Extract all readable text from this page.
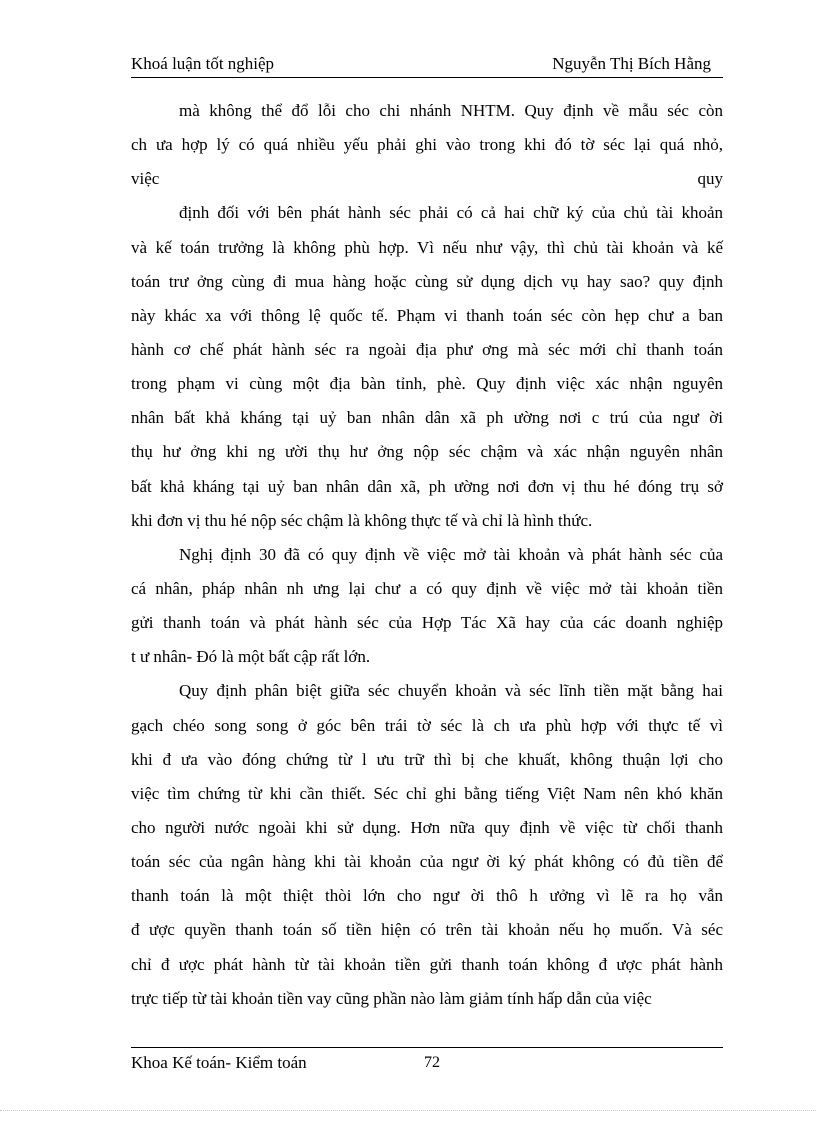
Khoá luận tốt nghiệp	Nguyễn Thị Bích Hằng
mà không thể đổ lỗi cho chi nhánh NHTM. Quy định về mẫu séc còn
ch ưa hợp lý có quá nhiều yếu phải ghi vào trong khi đó tờ séc lại quá nhỏ,
việc	quy
định đối với bên phát hành séc phải có cả hai chữ ký của chủ tài khoản
và kế toán trưởng là không phù hợp. Vì nếu như vậy, thì chủ tài khoản và kế
toán trư ởng cùng đi mua hàng hoặc cùng sử dụng dịch vụ hay sao? quy định
này khác xa với thông lệ quốc tế. Phạm vi thanh toán séc còn hẹp chư a ban
hành cơ chế phát hành séc ra ngoài địa phư ơng mà séc mới chỉ thanh toán
trong phạm vi cùng một địa bàn tỉnh, phè. Quy định việc xác nhận nguyên
nhân bất khả kháng tại uỷ ban nhân dân xã ph ường nơi c trú của ngư ời
thụ hư ởng khi ng ười thụ hư ởng nộp séc chậm và xác nhận nguyên nhân
bất khả kháng tại uỷ ban nhân dân xã, ph ường nơi đơn vị thu hé đóng trụ sở
khi đơn vị thu hé nộp séc chậm là không thực tế và chỉ là hình thức.
Nghị định 30 đã có quy định về việc mở tài khoản và phát hành séc của
cá nhân, pháp nhân nh ưng lại chư a có quy định về việc mở tài khoản tiền
gửi thanh toán và phát hành séc của Hợp Tác Xã hay của các doanh nghiệp
t ư nhân- Đó là một bất cập rất lớn.
Quy định phân biệt giữa séc chuyển khoản và séc lĩnh tiền mặt bằng hai
gạch chéo song song ở góc bên trái tờ séc là ch ưa phù hợp với thực tế vì
khi đ ưa vào đóng chứng từ l ưu trữ thì bị che khuất, không thuận lợi cho
việc tìm chứng từ khi cần thiết. Séc chỉ ghi bằng tiếng Việt Nam nên khó khăn
cho người nước ngoài khi sử dụng. Hơn nữa quy định về việc từ chối thanh
toán séc của ngân hàng khi tài khoản của ngư ời ký phát không có đủ tiền để
thanh toán là một thiệt thòi lớn cho ngư ời thô h ưởng vì lẽ ra họ vẫn
đ ược quyền thanh toán số tiền hiện có trên tài khoản nếu họ muốn. Và séc
chỉ đ ược phát hành từ tài khoản tiền gửi thanh toán không đ ược phát hành
trực tiếp từ tài khoản tiền vay cũng phần nào làm giảm tính hấp dẫn của việc
Khoa Kế toán- Kiểm toán	72
